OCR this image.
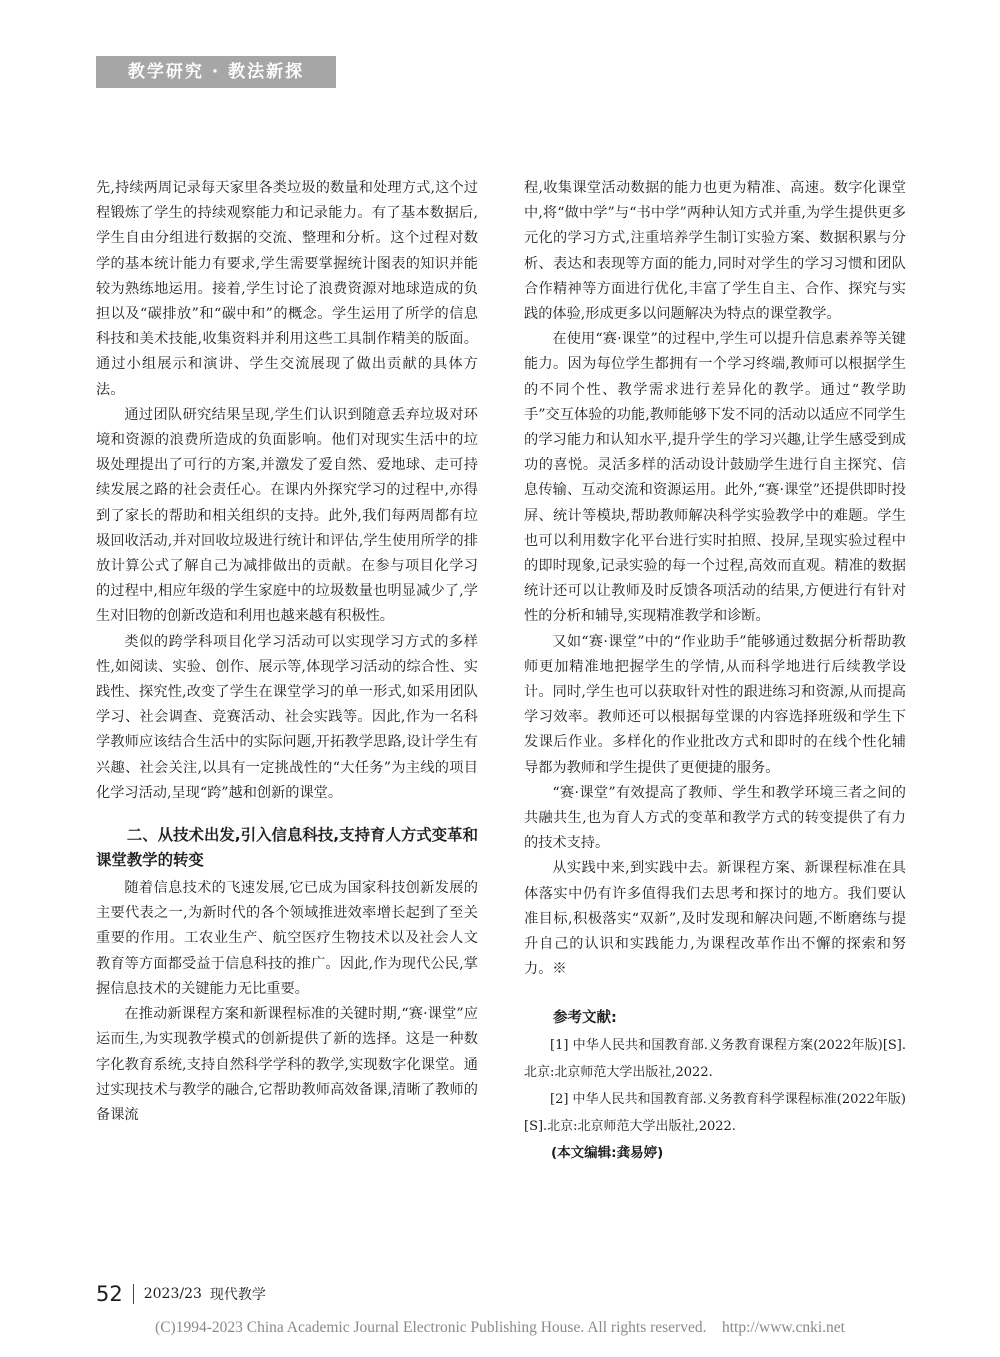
教学研究 · 教法新探

先,持续两周记录每天家里各类垃圾的数量和处理方式,这个过程锻炼了学生的持续观察能力和记录能力。有了基本数据后,学生自由分组进行数据的交流、整理和分析。这个过程对数学的基本统计能力有要求,学生需要掌握统计图表的知识并能较为熟练地运用。接着,学生讨论了浪费资源对地球造成的负担以及“碳排放”和“碳中和”的概念。学生运用了所学的信息科技和美术技能,收集资料并利用这些工具制作精美的版面。通过小组展示和演讲、学生交流展现了做出贡献的具体方法。

通过团队研究结果呈现,学生们认识到随意丢弃垃圾对环境和资源的浪费所造成的负面影响。他们对现实生活中的垃圾处理提出了可行的方案,并激发了爱自然、爱地球、走可持续发展之路的社会责任心。在课内外探究学习的过程中,亦得到了家长的帮助和相关组织的支持。此外,我们每两周都有垃圾回收活动,并对回收垃圾进行统计和评估,学生使用所学的排放计算公式了解自己为减排做出的贡献。在参与项目化学习的过程中,相应年级的学生家庭中的垃圾数量也明显减少了,学生对旧物的创新改造和利用也越来越有积极性。

类似的跨学科项目化学习活动可以实现学习方式的多样性,如阅读、实验、创作、展示等,体现学习活动的综合性、实践性、探究性,改变了学生在课堂学习的单一形式,如采用团队学习、社会调查、竞赛活动、社会实践等。因此,作为一名科学教师应该结合生活中的实际问题,开拓教学思路,设计学生有兴趣、社会关注,以具有一定挑战性的“大任务”为主线的项目化学习活动,呈现“跨”越和创新的课堂。

二、从技术出发,引入信息科技,支持育人方式变革和课堂教学的转变

随着信息技术的飞速发展,它已成为国家科技创新发展的主要代表之一,为新时代的各个领域推进效率增长起到了至关重要的作用。工农业生产、航空医疗生物技术以及社会人文教育等方面都受益于信息科技的推广。因此,作为现代公民,掌握信息技术的关键能力无比重要。

在推动新课程方案和新课程标准的关键时期,“赛·课堂”应运而生,为实现教学模式的创新提供了新的选择。这是一种数字化教育系统,支持自然科学学科的教学,实现数字化课堂。通过实现技术与教学的融合,它帮助教师高效备课,清晰了教师的备课流

程,收集课堂活动数据的能力也更为精准、高速。数字化课堂中,将“做中学”与“书中学”两种认知方式并重,为学生提供更多元化的学习方式,注重培养学生制订实验方案、数据积累与分析、表达和表现等方面的能力,同时对学生的学习习惯和团队合作精神等方面进行优化,丰富了学生自主、合作、探究与实践的体验,形成更多以问题解决为特点的课堂教学。

在使用“赛·课堂”的过程中,学生可以提升信息素养等关键能力。因为每位学生都拥有一个学习终端,教师可以根据学生的不同个性、教学需求进行差异化的教学。通过“教学助手”交互体验的功能,教师能够下发不同的活动以适应不同学生的学习能力和认知水平,提升学生的学习兴趣,让学生感受到成功的喜悦。灵活多样的活动设计鼓励学生进行自主探究、信息传输、互动交流和资源运用。此外,“赛·课堂”还提供即时投屏、统计等模块,帮助教师解决科学实验教学中的难题。学生也可以利用数字化平台进行实时拍照、投屏,呈现实验过程中的即时现象,记录实验的每一个过程,高效而直观。精准的数据统计还可以让教师及时反馈各项活动的结果,方便进行有针对性的分析和辅导,实现精准教学和诊断。

又如“赛·课堂”中的“作业助手”能够通过数据分析帮助教师更加精准地把握学生的学情,从而科学地进行后续教学设计。同时,学生也可以获取针对性的跟进练习和资源,从而提高学习效率。教师还可以根据每堂课的内容选择班级和学生下发课后作业。多样化的作业批改方式和即时的在线个性化辅导都为教师和学生提供了更便捷的服务。

“赛·课堂”有效提高了教师、学生和教学环境三者之间的共融共生,也为育人方式的变革和教学方式的转变提供了有力的技术支持。

从实践中来,到实践中去。新课程方案、新课程标准在具体落实中仍有许多值得我们去思考和探讨的地方。我们要认准目标,积极落实“双新”,及时发现和解决问题,不断磨练与提升自己的认识和实践能力,为课程改革作出不懈的探索和努力。※

参考文献:

[1] 中华人民共和国教育部.义务教育课程方案(2022年版)[S].北京:北京师范大学出版社,2022.

[2] 中华人民共和国教育部.义务教育科学课程标准(2022年版)[S].北京:北京师范大学出版社,2022.

(本文编辑:龚易婷)

52 2023/23 现代教学
(C)1994-2023 China Academic Journal Electronic Publishing House. All rights reserved.    http://www.cnki.net
